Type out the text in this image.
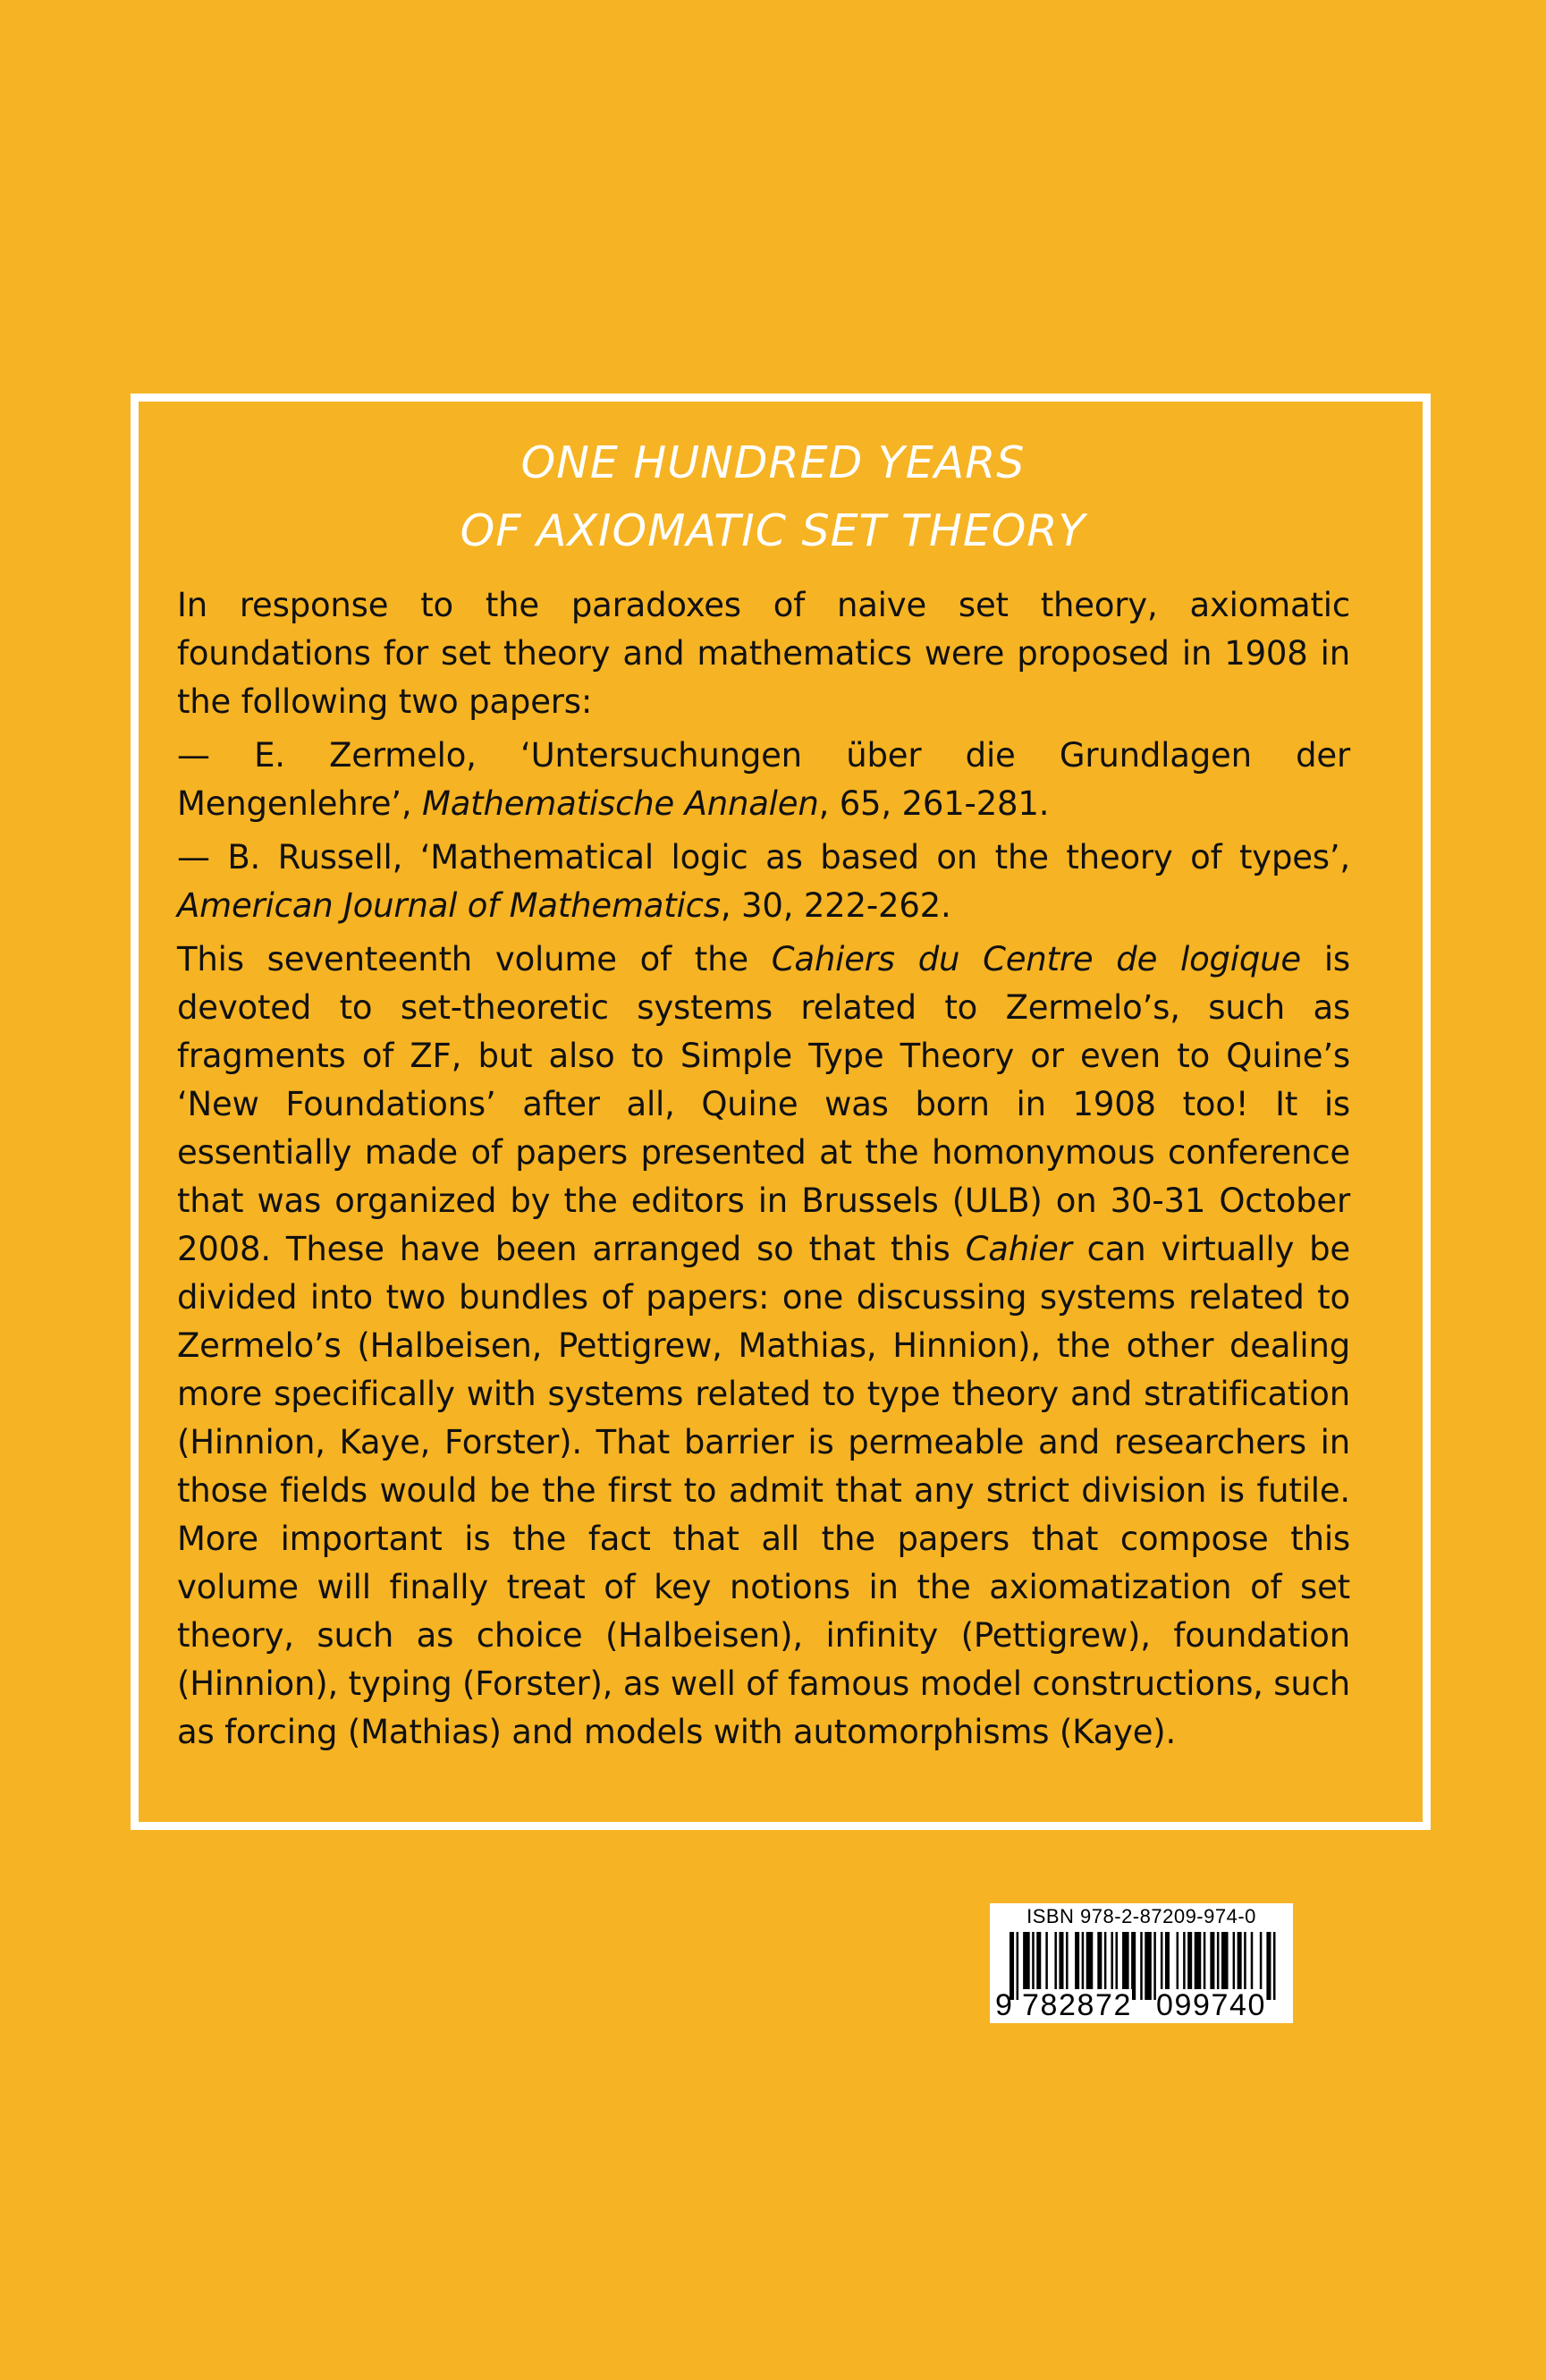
ONE HUNDRED YEARS
OF AXIOMATIC SET THEORY

In response to the paradoxes of naive set theory, axiomatic foundations for set theory and mathematics were proposed in 1908 in the following two papers:

— E. Zermelo, ‘Untersuchungen über die Grundlagen der Mengenlehre’, Mathematische Annalen, 65, 261-281.

— B. Russell, ‘Mathematical logic as based on the theory of types’, American Journal of Mathematics, 30, 222-262.

This seventeenth volume of the Cahiers du Centre de logique is devoted to set-theoretic systems related to Zermelo’s, such as fragments of ZF, but also to Simple Type Theory or even to Quine’s ‘New Foundations’ after all, Quine was born in 1908 too! It is essentially made of papers presented at the homonymous conference that was organized by the editors in Brussels (ULB) on 30-31 October 2008. These have been arranged so that this Cahier can virtually be divided into two bundles of papers: one discussing systems related to Zermelo’s (Halbeisen, Pettigrew, Mathias, Hinnion), the other dealing more specifically with systems related to type theory and stratification (Hinnion, Kaye, Forster). That barrier is permeable and researchers in those fields would be the first to admit that any strict division is futile. More important is the fact that all the papers that compose this volume will finally treat of key notions in the axiomatization of set theory, such as choice (Halbeisen), infinity (Pettigrew), foundation (Hinnion), typing (Forster), as well of famous model constructions, such as forcing (Mathias) and models with automorphisms (Kaye).

ISBN 978-2-87209-974-0
9 782872 099740
